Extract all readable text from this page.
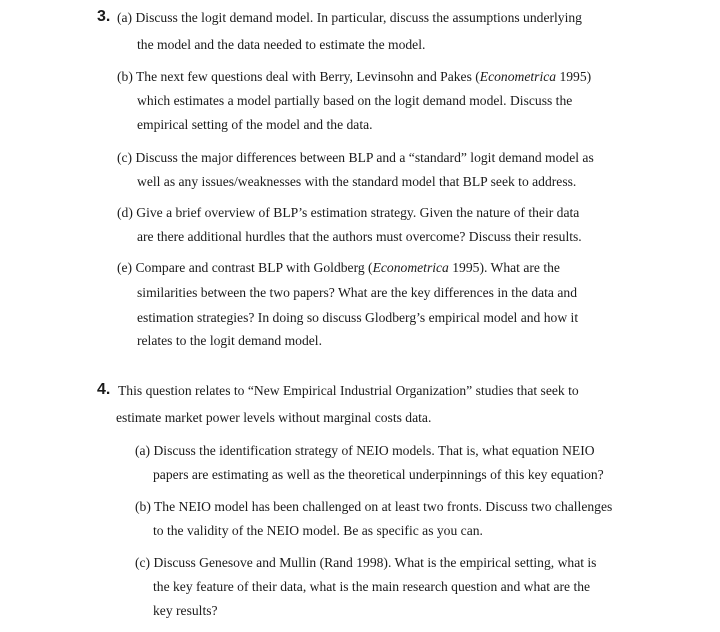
3. (a) Discuss the logit demand model. In particular, discuss the assumptions underlying
the model and the data needed to estimate the model.
(b) The next few questions deal with Berry, Levinsohn and Pakes (Econometrica 1995)
which estimates a model partially based on the logit demand model. Discuss the
empirical setting of the model and the data.
(c) Discuss the major differences between BLP and a “standard” logit demand model as
well as any issues/weaknesses with the standard model that BLP seek to address.
(d) Give a brief overview of BLP’s estimation strategy. Given the nature of their data
are there additional hurdles that the authors must overcome? Discuss their results.
(e) Compare and contrast BLP with Goldberg (Econometrica 1995). What are the
similarities between the two papers? What are the key differences in the data and
estimation strategies? In doing so discuss Glodberg’s empirical model and how it
relates to the logit demand model.
4. This question relates to “New Empirical Industrial Organization” studies that seek to
estimate market power levels without marginal costs data.
(a) Discuss the identification strategy of NEIO models. That is, what equation NEIO
papers are estimating as well as the theoretical underpinnings of this key equation?
(b) The NEIO model has been challenged on at least two fronts. Discuss two challenges
to the validity of the NEIO model. Be as specific as you can.
(c) Discuss Genesove and Mullin (Rand 1998). What is the empirical setting, what is
the key feature of their data, what is the main research question and what are the
key results?
